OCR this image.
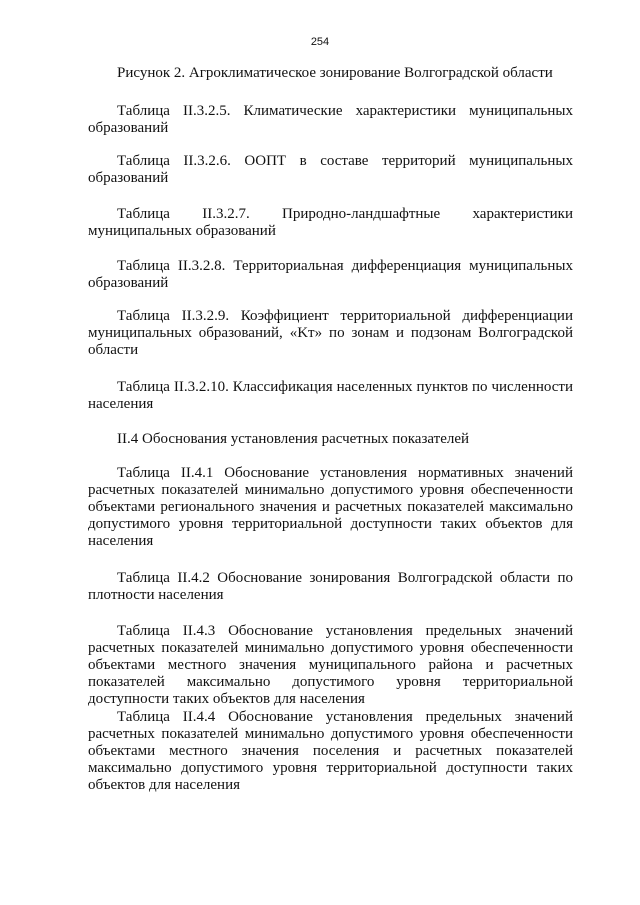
254

Рисунок 2. Агроклиматическое зонирование Волгоградской области

Таблица II.3.2.5. Климатические характеристики муниципальных образований

Таблица II.3.2.6. ООПТ в составе территорий муниципальных образований

Таблица II.3.2.7. Природно-ландшафтные характеристики муниципальных образований

Таблица II.3.2.8. Территориальная дифференциация муниципальных образований

Таблица II.3.2.9. Коэффициент территориальной дифференциации муниципальных образований, «Kт» по зонам и подзонам Волгоградской области

Таблица II.3.2.10. Классификация населенных пунктов по численности населения

II.4 Обоснования установления расчетных показателей

Таблица II.4.1 Обоснование установления нормативных значений расчетных показателей минимально допустимого уровня обеспеченности объектами регионального значения и расчетных показателей максимально допустимого уровня территориальной доступности таких объектов для населения

Таблица II.4.2 Обоснование зонирования Волгоградской области по плотности населения

Таблица II.4.3 Обоснование установления предельных значений расчетных показателей минимально допустимого уровня обеспеченности объектами местного значения муниципального района и расчетных показателей максимально допустимого уровня территориальной доступности таких объектов для населения

Таблица II.4.4 Обоснование установления предельных значений расчетных показателей минимально допустимого уровня обеспеченности объектами местного значения поселения и расчетных показателей максимально допустимого уровня территориальной доступности таких объектов для населения
